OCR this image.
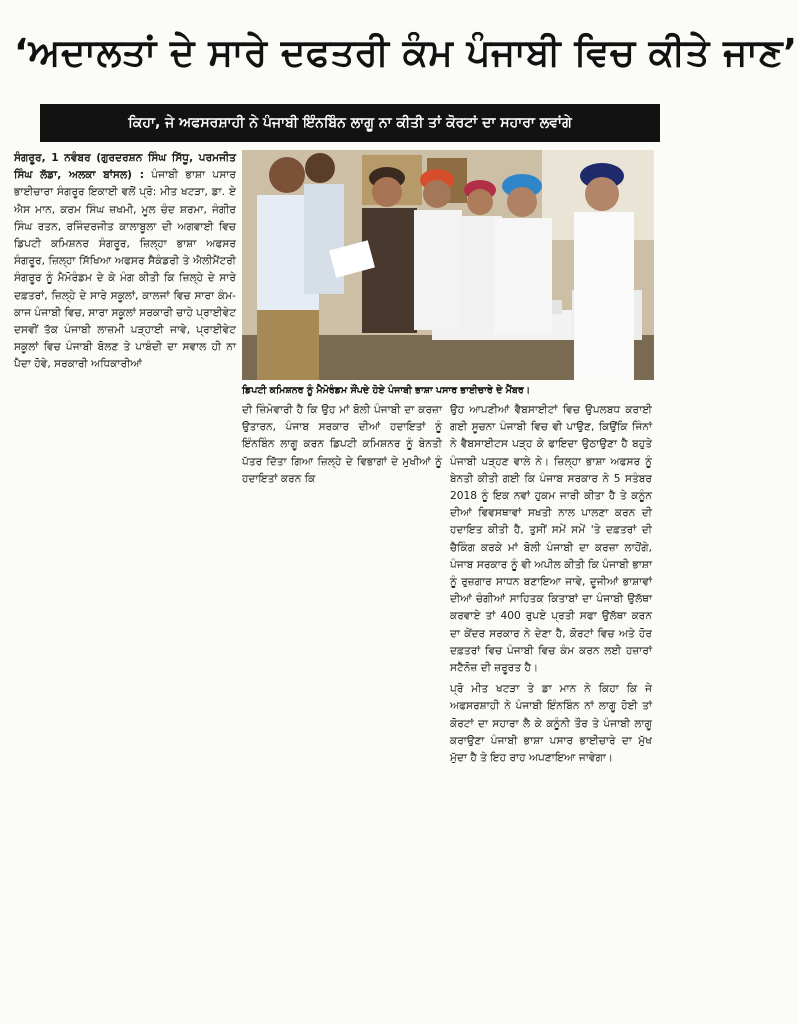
‘ਅਦਾਲਤਾਂ ਦੇ ਸਾਰੇ ਦਫਤਰੀ ਕੰਮ ਪੰਜਾਬੀ ਵਿਚ ਕੀਤੇ ਜਾਣ’
ਕਿਹਾ, ਜੇ ਅਫਸਰਸ਼ਾਹੀ ਨੇ ਪੰਜਾਬੀ ਇੰਨਬਿੰਨ ਲਾਗੂ ਨਾ ਕੀਤੀ ਤਾਂ ਕੋਰਟਾਂ ਦਾ ਸਹਾਰਾ ਲਵਾਂਗੇ

ਸੰਗਰੂਰ, 1 ਨਵੰਬਰ (ਗੁਰਦਰਸ਼ਨ ਸਿੰਘ ਸਿੱਧੂ, ਪਰਮਜੀਤ ਸਿੰਘ ਲੱਡਾ, ਅਲਕਾ ਬਾਂਸਲ) : ਪੰਜਾਬੀ ਭਾਸ਼ਾ ਪਸਾਰ ਭਾਈਚਾਰਾ ਸੰਗਰੂਰ ਇਕਾਈ ਵਲੋਂ ਪ੍ਰੋ: ਮੀਤ ਖਟੜਾ, ਡਾ. ਏ ਐਸ ਮਾਨ, ਕਰਮ ਸਿੰਘ ਜ਼ਖਮੀ, ਮੂਲ ਚੰਦ ਸ਼ਰਮਾ, ਜੰਗੀਰ ਸਿੰਘ ਰਤਨ, ਰਜਿੰਦਰਜੀਤ ਕਾਲਾਬੂਲਾ ਦੀ ਅਗਵਾਈ ਵਿਚ ਡਿਪਟੀ ਕਮਿਸ਼ਨਰ ਸੰਗਰੂਰ, ਜ਼ਿਲ੍ਹਾ ਭਾਸ਼ਾ ਅਫਸਰ ਸੰਗਰੂਰ, ਜ਼ਿਲ੍ਹਾ ਸਿੱਖਿਆ ਅਫਸਰ ਸੈਕੰਡਰੀ ਤੇ ਐਲੀਮੈਂਟਰੀ ਸੰਗਰੂਰ ਨੂੰ ਮੈਮੋਰੰਡਮ ਦੇ ਕੇ ਮੰਗ ਕੀਤੀ ਕਿ ਜ਼ਿਲ੍ਹੇ ਦੇ ਸਾਰੇ ਦਫ਼ਤਰਾਂ, ਜ਼ਿਲ੍ਹੇ ਦੇ ਸਾਰੇ ਸਕੂਲਾਂ, ਕਾਲਜਾਂ ਵਿਚ ਸਾਰਾ ਕੰਮ-ਕਾਜ ਪੰਜਾਬੀ ਵਿਚ, ਸਾਰਾ ਸਕੂਲਾਂ ਸਰਕਾਰੀ ਚਾਹੇ ਪ੍ਰਾਈਵੇਟ ਦਸਵੀਂ ਤੱਕ ਪੰਜਾਬੀ ਲਾਜ਼ਮੀ ਪੜ੍ਹਾਈ ਜਾਵੇ, ਪ੍ਰਾਈਵੇਟ ਸਕੂਲਾਂ ਵਿਚ ਪੰਜਾਬੀ ਬੋਲਣ ਤੇ ਪਾਬੰਦੀ ਦਾ ਸਵਾਲ ਹੀ ਨਾ ਪੈਦਾ ਹੋਵੇ, ਸਰਕਾਰੀ ਅਧਿਕਾਰੀਆਂ

ਡਿਪਟੀ ਕਮਿਸ਼ਨਰ ਨੂੰ ਮੈਮੋਰੰਡਮ ਸੌਂਪਦੇ ਹੋਏ ਪੰਜਾਬੀ ਭਾਸ਼ਾ ਪਸਾਰ ਭਾਈਚਾਰੇ ਦੇ ਮੈਂਬਰ।

ਦੀ ਜ਼ਿੰਮੇਵਾਰੀ ਹੈ ਕਿ ਉਹ ਮਾਂ ਬੋਲੀ ਪੰਜਾਬੀ ਦਾ ਕਰਜ਼ਾ ਉਤਾਰਨ, ਪੰਜਾਬ ਸਰਕਾਰ ਦੀਆਂ ਹਦਾਇਤਾਂ ਨੂੰ ਇੰਨਬਿੰਨ ਲਾਗੂ ਕਰਨ ਡਿਪਟੀ ਕਮਿਸ਼ਨਰ ਨੂੰ ਬੇਨਤੀ ਪੱਤਰ ਦਿੱਤਾ ਗਿਆ ਜ਼ਿਲ੍ਹੇ ਦੇ ਵਿਭਾਗਾਂ ਦੇ ਮੁਖੀਆਂ ਨੂੰ ਹਦਾਇਤਾਂ ਕਰਨ ਕਿ

ਉਹ ਆਪਣੀਆਂ ਵੈਬਸਾਈਟਾਂ ਵਿਚ ਉਪਲਬਧ ਕਰਾਈ ਗਈ ਸੂਚਨਾ ਪੰਜਾਬੀ ਵਿਚ ਵੀ ਪਾਉਣ, ਕਿਉਂਕਿ ਜਿੰਨਾਂ ਨੇ ਵੈਬਸਾਈਟਸ ਪੜ੍ਹ ਕੇ ਫਾਇਦਾ ਉਠਾਉਣਾ ਹੈ ਬਹੁਤੇ ਪੰਜਾਬੀ ਪੜ੍ਹਣ ਵਾਲੇ ਨੇ। ਜ਼ਿਲ੍ਹਾ ਭਾਸ਼ਾ ਅਫਸਰ ਨੂੰ ਬੇਨਤੀ ਕੀਤੀ ਗਈ ਕਿ ਪੰਜਾਬ ਸਰਕਾਰ ਨੇ 5 ਸਤੰਬਰ 2018 ਨੂੰ ਇਕ ਨਵਾਂ ਹੁਕਮ ਜਾਰੀ ਕੀਤਾ ਹੈ ਤੇ ਕਨੂੰਨ ਦੀਆਂ ਵਿਵਸਥਾਵਾਂ ਸਖਤੀ ਨਾਲ ਪਾਲਣਾ ਕਰਨ ਦੀ ਹਦਾਇਤ ਕੀਤੀ ਹੈ, ਤੁਸੀਂ ਸਮੇਂ ਸਮੇਂ 'ਤੇ ਦਫ਼ਤਰਾਂ ਦੀ ਚੈਕਿੰਗ ਕਰਕੇ ਮਾਂ ਬੋਲੀ ਪੰਜਾਬੀ ਦਾ ਕਰਜ਼ਾ ਲਾਹੋਂਗੇ, ਪੰਜਾਬ ਸਰਕਾਰ ਨੂੰ ਵੀ ਅਪੀਲ ਕੀਤੀ ਕਿ ਪੰਜਾਬੀ ਭਾਸ਼ਾ ਨੂੰ ਰੁਜ਼ਗਾਰ ਸਾਧਨ ਬਣਾਇਆ ਜਾਵੇ, ਦੂਜੀਆਂ ਭਾਸ਼ਾਵਾਂ ਦੀਆਂ ਚੰਗੀਆਂ ਸਾਹਿਤਕ ਕਿਤਾਬਾਂ ਦਾ ਪੰਜਾਬੀ ਉਲੱਥਾ ਕਰਵਾਏ ਤਾਂ 400 ਰੁਪਏ ਪ੍ਰਤੀ ਸਫਾ ਉਲੱਥਾ ਕਰਨ ਦਾ ਕੇਂਦਰ ਸਰਕਾਰ ਨੇ ਦੇਣਾ ਹੈ, ਕੋਰਟਾਂ ਵਿਚ ਅਤੇ ਹੋਰ ਦਫ਼ਤਰਾਂ ਵਿਚ ਪੰਜਾਬੀ ਵਿਚ ਕੰਮ ਕਰਨ ਲਈ ਹਜ਼ਾਰਾਂ ਸਟੈਨੋਜ਼ ਦੀ ਜ਼ਰੂਰਤ ਹੈ।

ਪ੍ਰੋ ਮੀਤ ਖਟੜਾ ਤੇ ਡਾ ਮਾਨ ਨੇ ਕਿਹਾ ਕਿ ਜੇ ਅਫਸਰਸ਼ਾਹੀ ਨੇ ਪੰਜਾਬੀ ਇੰਨਬਿੰਨ ਨਾਂ ਲਾਗੂ ਹੋਈ ਤਾਂ ਕੋਰਟਾਂ ਦਾ ਸਹਾਰਾ ਲੈ ਕੇ ਕਨੂੰਨੀ ਤੌਰ ਤੇ ਪੰਜਾਬੀ ਲਾਗੂ ਕਰਾਉਣਾ ਪੰਜਾਬੀ ਭਾਸ਼ਾ ਪਸਾਰ ਭਾਈਚਾਰੇ ਦਾ ਮੁੱਖ ਮੁੱਦਾ ਹੈ ਤੇ ਇਹ ਰਾਹ ਅਪਣਾਇਆ ਜਾਵੇਗਾ।
